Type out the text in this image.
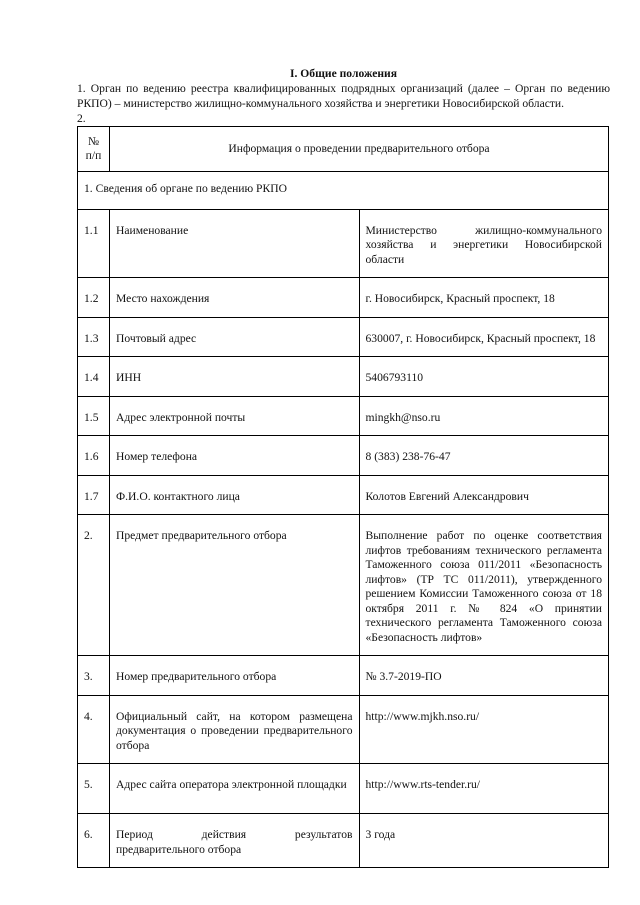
I. Общие положения

1. Орган по ведению реестра квалифицированных подрядных организаций (далее – Орган по ведению РКПО) – министерство жилищно-коммунального хозяйства и энергетики Новосибирской области.

2.

№ п/п	Информация о проведении предварительного отбора	
1. Сведения об органе по ведению РКПО		
1.1	Наименование	Министерство жилищно-коммунального хозяйства и энергетики Новосибирской области
1.2	Место нахождения	г. Новосибирск, Красный проспект, 18
1.3	Почтовый адрес	630007, г. Новосибирск, Красный проспект, 18
1.4	ИНН	5406793110
1.5	Адрес электронной почты	mingkh@nso.ru
1.6	Номер телефона	8 (383) 238-76-47
1.7	Ф.И.О. контактного лица	Колотов Евгений Александрович
2.	Предмет предварительного отбора	Выполнение работ по оценке соответствия лифтов требованиям технического регламента Таможенного союза 011/2011 «Безопасность лифтов» (ТР ТС 011/2011), утвержденного решением Комиссии Таможенного союза от 18 октября 2011 г. № 824 «О принятии технического регламента Таможенного союза «Безопасность лифтов»
3.	Номер предварительного отбора	№ 3.7-2019-ПО
4.	Официальный сайт, на котором размещена документация о проведении предварительного отбора	http://www.mjkh.nso.ru/
5.	Адрес сайта оператора электронной площадки	http://www.rts-tender.ru/
6.	Период действия результатов предварительного отбора	3 года
